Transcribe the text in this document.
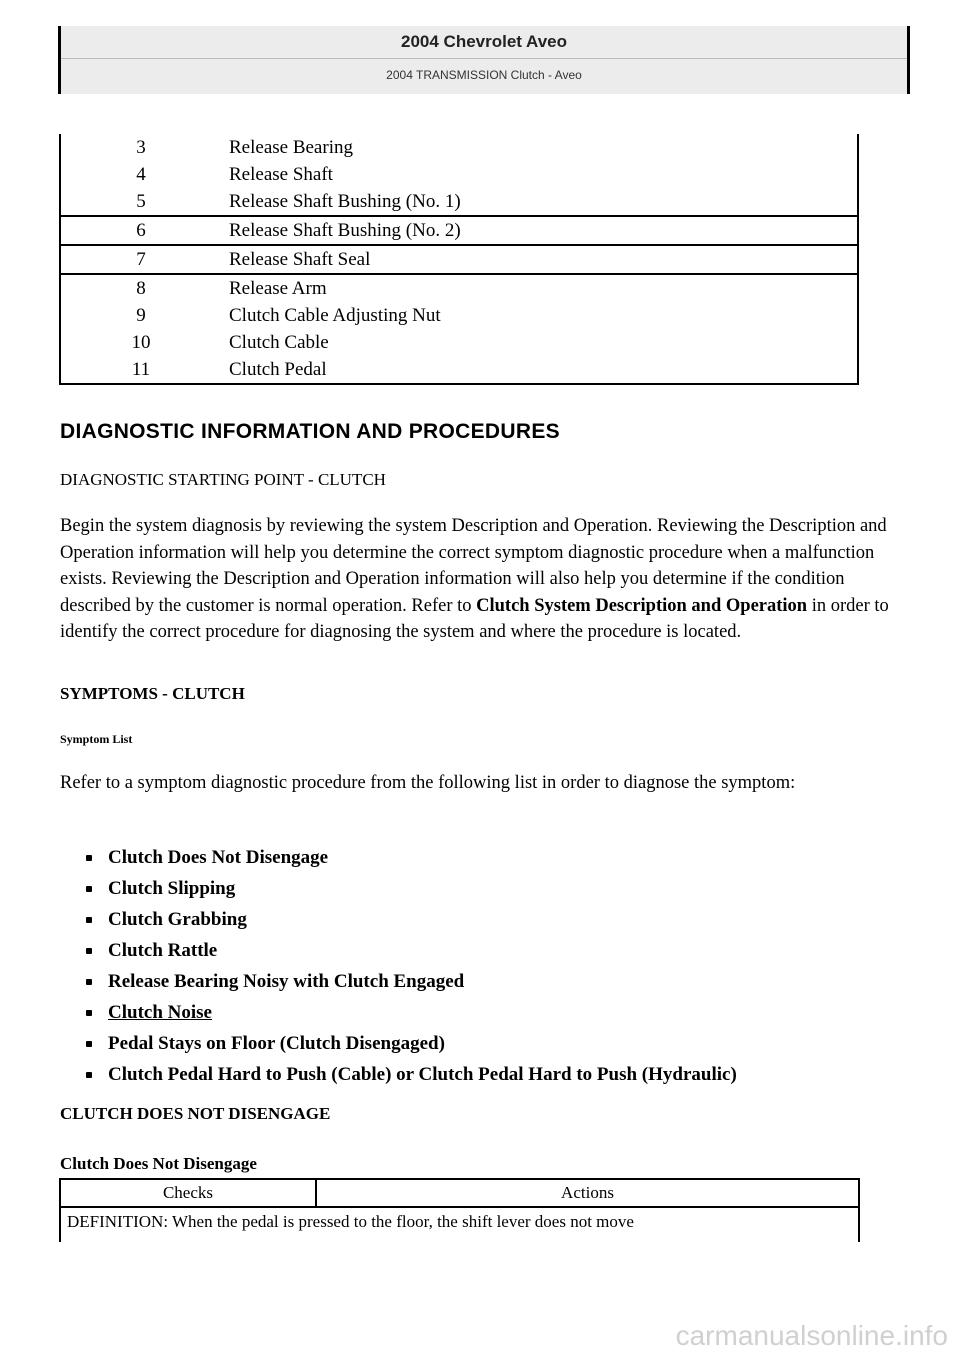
2004 Chevrolet Aveo
2004 TRANSMISSION Clutch - Aveo
3	Release Bearing
4	Release Shaft
5	Release Shaft Bushing (No. 1)
6	Release Shaft Bushing (No. 2)
7	Release Shaft Seal
8	Release Arm
9	Clutch Cable Adjusting Nut
10	Clutch Cable
11	Clutch Pedal
DIAGNOSTIC INFORMATION AND PROCEDURES

DIAGNOSTIC STARTING POINT - CLUTCH

Begin the system diagnosis by reviewing the system Description and Operation. Reviewing the Description and Operation information will help you determine the correct symptom diagnostic procedure when a malfunction exists. Reviewing the Description and Operation information will also help you determine if the condition described by the customer is normal operation. Refer to Clutch System Description and Operation in order to identify the correct procedure for diagnosing the system and where the procedure is located.

SYMPTOMS - CLUTCH

Symptom List

Refer to a symptom diagnostic procedure from the following list in order to diagnose the symptom:

Clutch Does Not Disengage
Clutch Slipping
Clutch Grabbing
Clutch Rattle
Release Bearing Noisy with Clutch Engaged
Clutch Noise
Pedal Stays on Floor (Clutch Disengaged)
Clutch Pedal Hard to Push (Cable) or Clutch Pedal Hard to Push (Hydraulic)

CLUTCH DOES NOT DISENGAGE

Clutch Does Not Disengage

Checks	Actions
DEFINITION: When the pedal is pressed to the floor, the shift lever does not move
carmanualsonline.info
